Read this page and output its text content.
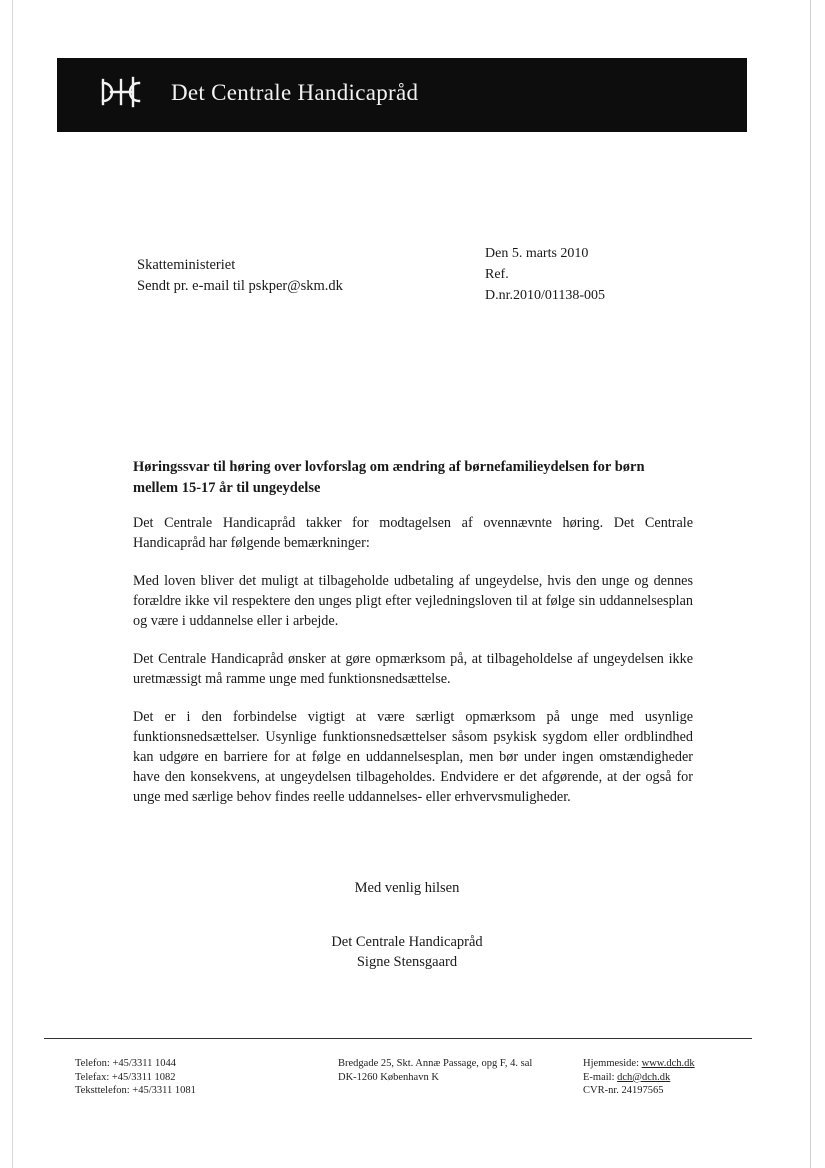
Det Centrale Handicapråd
Skatteministeriet
Sendt pr. e-mail til pskper@skm.dk
Den 5. marts 2010
Ref.
D.nr.2010/01138-005
Høringssvar til høring over lovforslag om ændring af børnefamilieydelsen for børn mellem 15-17 år til ungeydelse

Det Centrale Handicapråd takker for modtagelsen af ovennævnte høring. Det Centrale Handicapråd har følgende bemærkninger:

Med loven bliver det muligt at tilbageholde udbetaling af ungeydelse, hvis den unge og dennes forældre ikke vil respektere den unges pligt efter vejledningsloven til at følge sin uddannelsesplan og være i uddannelse eller i arbejde.

Det Centrale Handicapråd ønsker at gøre opmærksom på, at tilbageholdelse af ungeydelsen ikke uretmæssigt må ramme unge med funktionsnedsættelse.

Det er i den forbindelse vigtigt at være særligt opmærksom på unge med usynlige funktionsnedsættelser. Usynlige funktionsnedsættelser såsom psykisk sygdom eller ordblindhed kan udgøre en barriere for at følge en uddannelsesplan, men bør under ingen omstændigheder have den konsekvens, at ungeydelsen tilbageholdes. Endvidere er det afgørende, at der også for unge med særlige behov findes reelle uddannelses- eller erhvervsmuligheder.

Med venlig hilsen
Det Centrale Handicapråd
Signe Stensgaard
Telefon: +45/3311 1044
Telefax: +45/3311 1082
Teksttelefon: +45/3311 1081
Bredgade 25, Skt. Annæ Passage, opg F, 4. sal
DK-1260 København K
Hjemmeside: www.dch.dk
E-mail: dch@dch.dk
CVR-nr. 24197565
